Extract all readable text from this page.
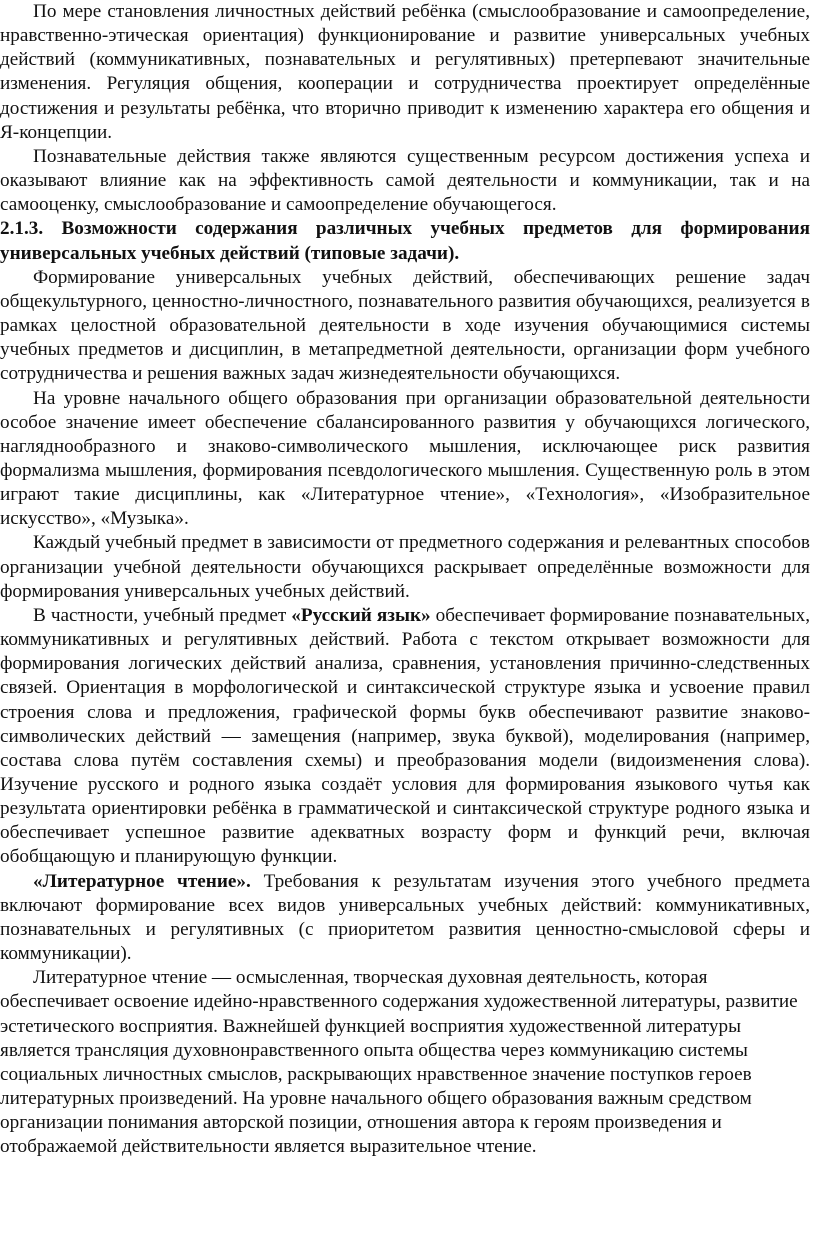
По мере становления личностных действий ребёнка (смыслообразование и самоопределение, нравственно-этическая ориентация) функционирование и развитие универсальных учебных действий (коммуникативных, познавательных и регулятивных) претерпевают значительные изменения. Регуляция общения, кооперации и сотрудничества проектирует определённые достижения и результаты ребёнка, что вторично приводит к изменению характера его общения и Я-концепции.

Познавательные действия также являются существенным ресурсом достижения успеха и оказывают влияние как на эффективность самой деятельности и коммуникации, так и на самооценку, смыслообразование и самоопределение обучающегося.

2.1.3. Возможности содержания различных учебных предметов для формирования универсальных учебных действий (типовые задачи).

Формирование универсальных учебных действий, обеспечивающих решение задач общекультурного, ценностно-личностного, познавательного развития обучающихся, реализуется в рамках целостной образовательной деятельности в ходе изучения обучающимися системы учебных предметов и дисциплин, в метапредметной деятельности, организации форм учебного сотрудничества и решения важных задач жизнедеятельности обучающихся.

На уровне начального общего образования при организации образовательной деятельности особое значение имеет обеспечение сбалансированного развития у обучающихся логического, нагляднообразного и знаково-символического мышления, исключающее риск развития формализма мышления, формирования псевдологического мышления. Существенную роль в этом играют такие дисциплины, как «Литературное чтение», «Технология», «Изобразительное искусство», «Музыка».

Каждый учебный предмет в зависимости от предметного содержания и релевантных способов организации учебной деятельности обучающихся раскрывает определённые возможности для формирования универсальных учебных действий.

В частности, учебный предмет «Русский язык» обеспечивает формирование познавательных, коммуникативных и регулятивных действий. Работа с текстом открывает возможности для формирования логических действий анализа, сравнения, установления причинно-следственных связей. Ориентация в морфологической и синтаксической структуре языка и усвоение правил строения слова и предложения, графической формы букв обеспечивают развитие знаково-символических действий — замещения (например, звука буквой), моделирования (например, состава слова путём составления схемы) и преобразования модели (видоизменения слова). Изучение русского и родного языка создаёт условия для формирования языкового чутья как результата ориентировки ребёнка в грамматической и синтаксической структуре родного языка и обеспечивает успешное развитие адекватных возрасту форм и функций речи, включая обобщающую и планирующую функции.

«Литературное чтение». Требования к результатам изучения этого учебного предмета включают формирование всех видов универсальных учебных действий: коммуникативных, познавательных и регулятивных (с приоритетом развития ценностно-смысловой сферы и коммуникации).

Литературное чтение — осмысленная, творческая духовная деятельность, которая обеспечивает освоение идейно-нравственного содержания художественной литературы, развитие эстетического восприятия. Важнейшей функцией восприятия художественной литературы является трансляция духовнонравственного опыта общества через коммуникацию системы социальных личностных смыслов, раскрывающих нравственное значение поступков героев литературных произведений. На уровне начального общего образования важным средством организации понимания авторской позиции, отношения автора к героям произведения и отображаемой действительности является выразительное чтение.
